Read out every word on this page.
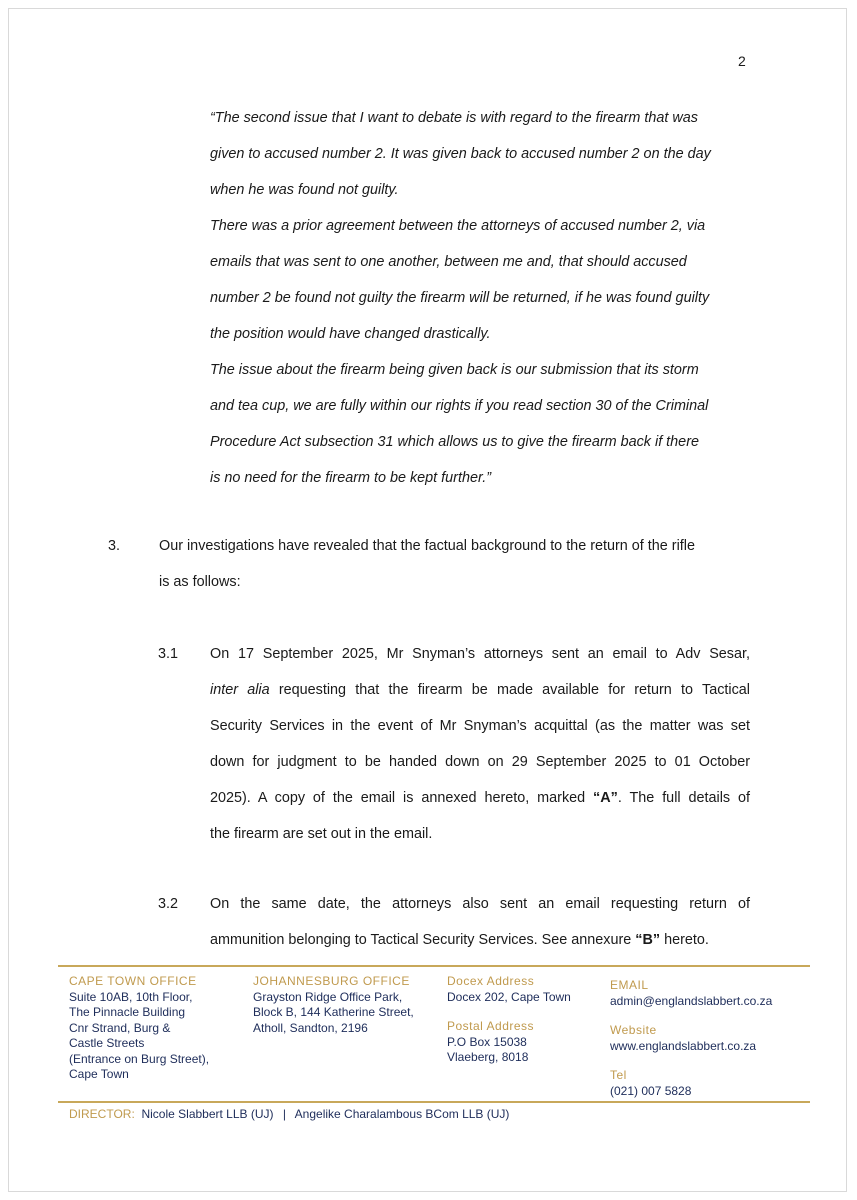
2

“The second issue that I want to debate is with regard to the firearm that was
given to accused number 2. It was given back to accused number 2 on the day
when he was found not guilty.

There was a prior agreement between the attorneys of accused number 2, via
emails that was sent to one another, between me and, that should accused
number 2 be found not guilty the firearm will be returned, if he was found guilty
the position would have changed drastically.

The issue about the firearm being given back is our submission that its storm
and tea cup, we are fully within our rights if you read section 30 of the Criminal
Procedure Act subsection 31 which allows us to give the firearm back if there
is no need for the firearm to be kept further.”

3.	Our investigations have revealed that the factual background to the return of the rifle
is as follows:
3.1 On 17 September 2025, Mr Snyman’s attorneys sent an email to Adv Sesar,
inter alia requesting that the firearm be made available for return to Tactical
Security Services in the event of Mr Snyman’s acquittal (as the matter was set
down for judgment to be handed down on 29 September 2025 to 01 October
2025). A copy of the email is annexed hereto, marked “A”. The full details of
the firearm are set out in the email.
3.2 On the same date, the attorneys also sent an email requesting return of
ammunition belonging to Tactical Security Services. See annexure “B” hereto.
CAPE TOWN OFFICE
Suite 10AB, 10th Floor,
The Pinnacle Building
Cnr Strand, Burg &
Castle Streets
(Entrance on Burg Street),
Cape Town
JOHANNESBURG OFFICE
Grayston Ridge Office Park,
Block B, 144 Katherine Street,
Atholl, Sandton, 2196
Docex Address
Docex 202, Cape Town
Postal Address
P.O Box 15038
Vlaeberg, 8018
EMAIL
admin@englandslabbert.co.za
Website
www.englandslabbert.co.za
Tel
(021) 007 5828
DIRECTOR: Nicole Slabbert LLB (UJ) | Angelike Charalambous BCom LLB (UJ)
